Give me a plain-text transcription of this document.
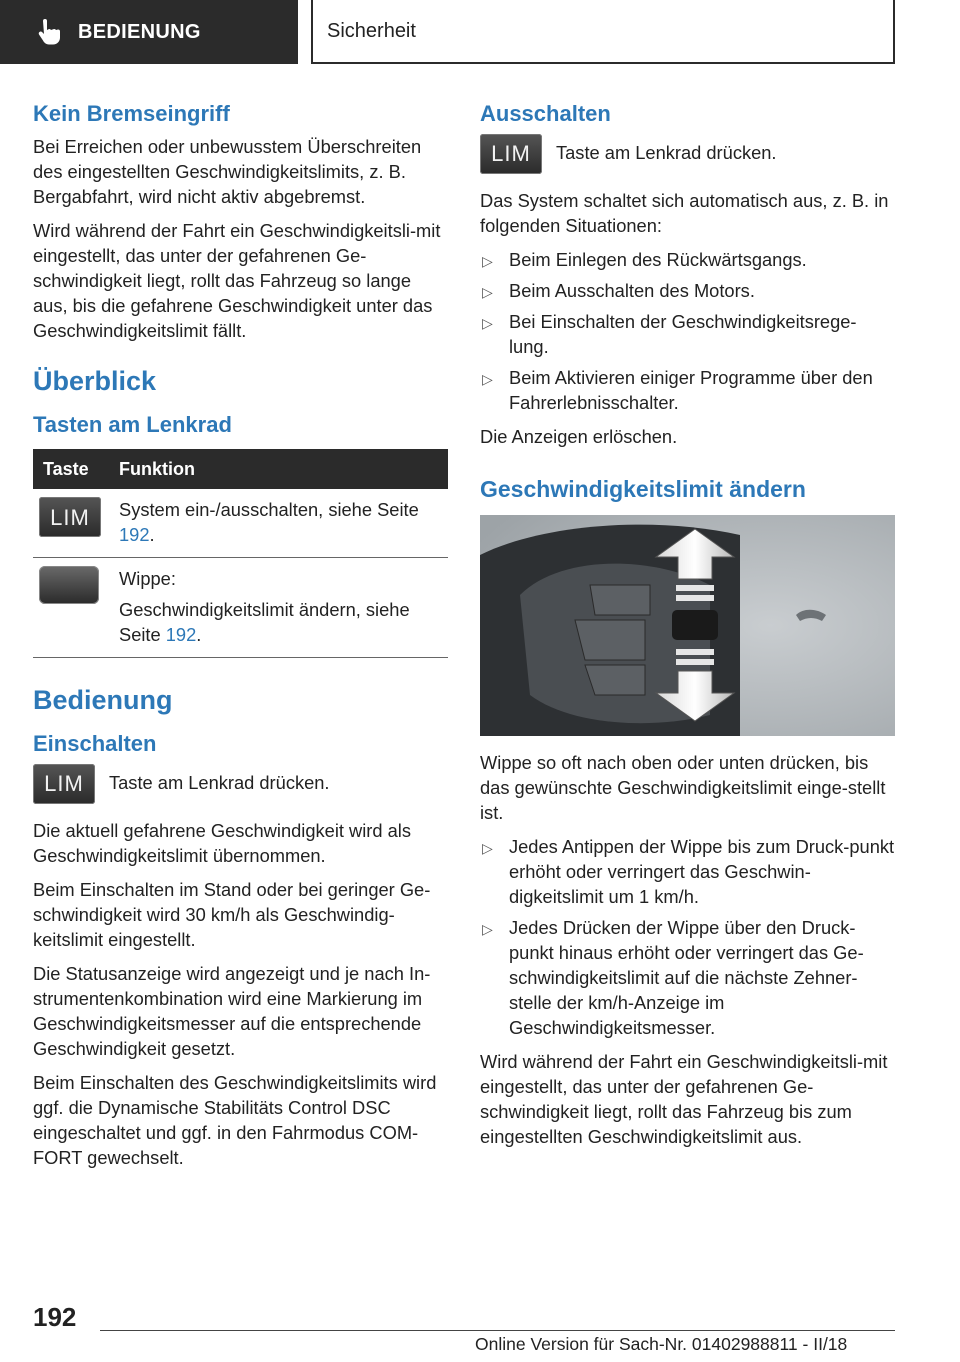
BEDIENUNG	Sicherheit
Kein Bremseingriff

Bei Erreichen oder unbewusstem Überschreiten des eingestellten Geschwindigkeitslimits, z. B. Bergabfahrt, wird nicht aktiv abgebremst.

Wird während der Fahrt ein Geschwindigkeitsli‐mit eingestellt, das unter der gefahrenen Ge‐schwindigkeit liegt, rollt das Fahrzeug so lange aus, bis die gefahrene Geschwindigkeit unter das Geschwindigkeitslimit fällt.

Überblick
Tasten am Lenkrad
Taste	Funktion

LIM	System ein-/ausschalten, siehe Seite 192.

	Wippe:

Geschwindigkeitslimit ändern, siehe Seite 192.
Bedienung
Einschalten
LIM	Taste am Lenkrad drücken.

Die aktuell gefahrene Geschwindigkeit wird als Geschwindigkeitslimit übernommen.

Beim Einschalten im Stand oder bei geringer Ge‐schwindigkeit wird 30 km/h als Geschwindig‐keitslimit eingestellt.

Die Statusanzeige wird angezeigt und je nach In‐strumentenkombination wird eine Markierung im Geschwindigkeitsmesser auf die entsprechende Geschwindigkeit gesetzt.

Beim Einschalten des Geschwindigkeitslimits wird ggf. die Dynamische Stabilitäts Control DSC eingeschaltet und ggf. in den Fahrmodus COM‐FORT gewechselt.

Ausschalten
LIM	Taste am Lenkrad drücken.

Das System schaltet sich automatisch aus, z. B. in folgenden Situationen:

▷ Beim Einlegen des Rückwärtsgangs.
▷ Beim Ausschalten des Motors.
▷ Bei Einschalten der Geschwindigkeitsrege‐lung.
▷ Beim Aktivieren einiger Programme über den Fahrerlebnisschalter.

Die Anzeigen erlöschen.

Geschwindigkeitslimit ändern

Wippe so oft nach oben oder unten drücken, bis das gewünschte Geschwindigkeitslimit einge‐stellt ist.

▷ Jedes Antippen der Wippe bis zum Druck‐punkt erhöht oder verringert das Geschwin‐digkeitslimit um 1 km/h.
▷ Jedes Drücken der Wippe über den Druck‐punkt hinaus erhöht oder verringert das Ge‐schwindigkeitslimit auf die nächste Zehner‐stelle der km/h-Anzeige im Geschwindigkeitsmesser.

Wird während der Fahrt ein Geschwindigkeitsli‐mit eingestellt, das unter der gefahrenen Ge‐schwindigkeit liegt, rollt das Fahrzeug bis zum eingestellten Geschwindigkeitslimit aus.

192
Online Version für Sach-Nr. 01402988811 - II/18
